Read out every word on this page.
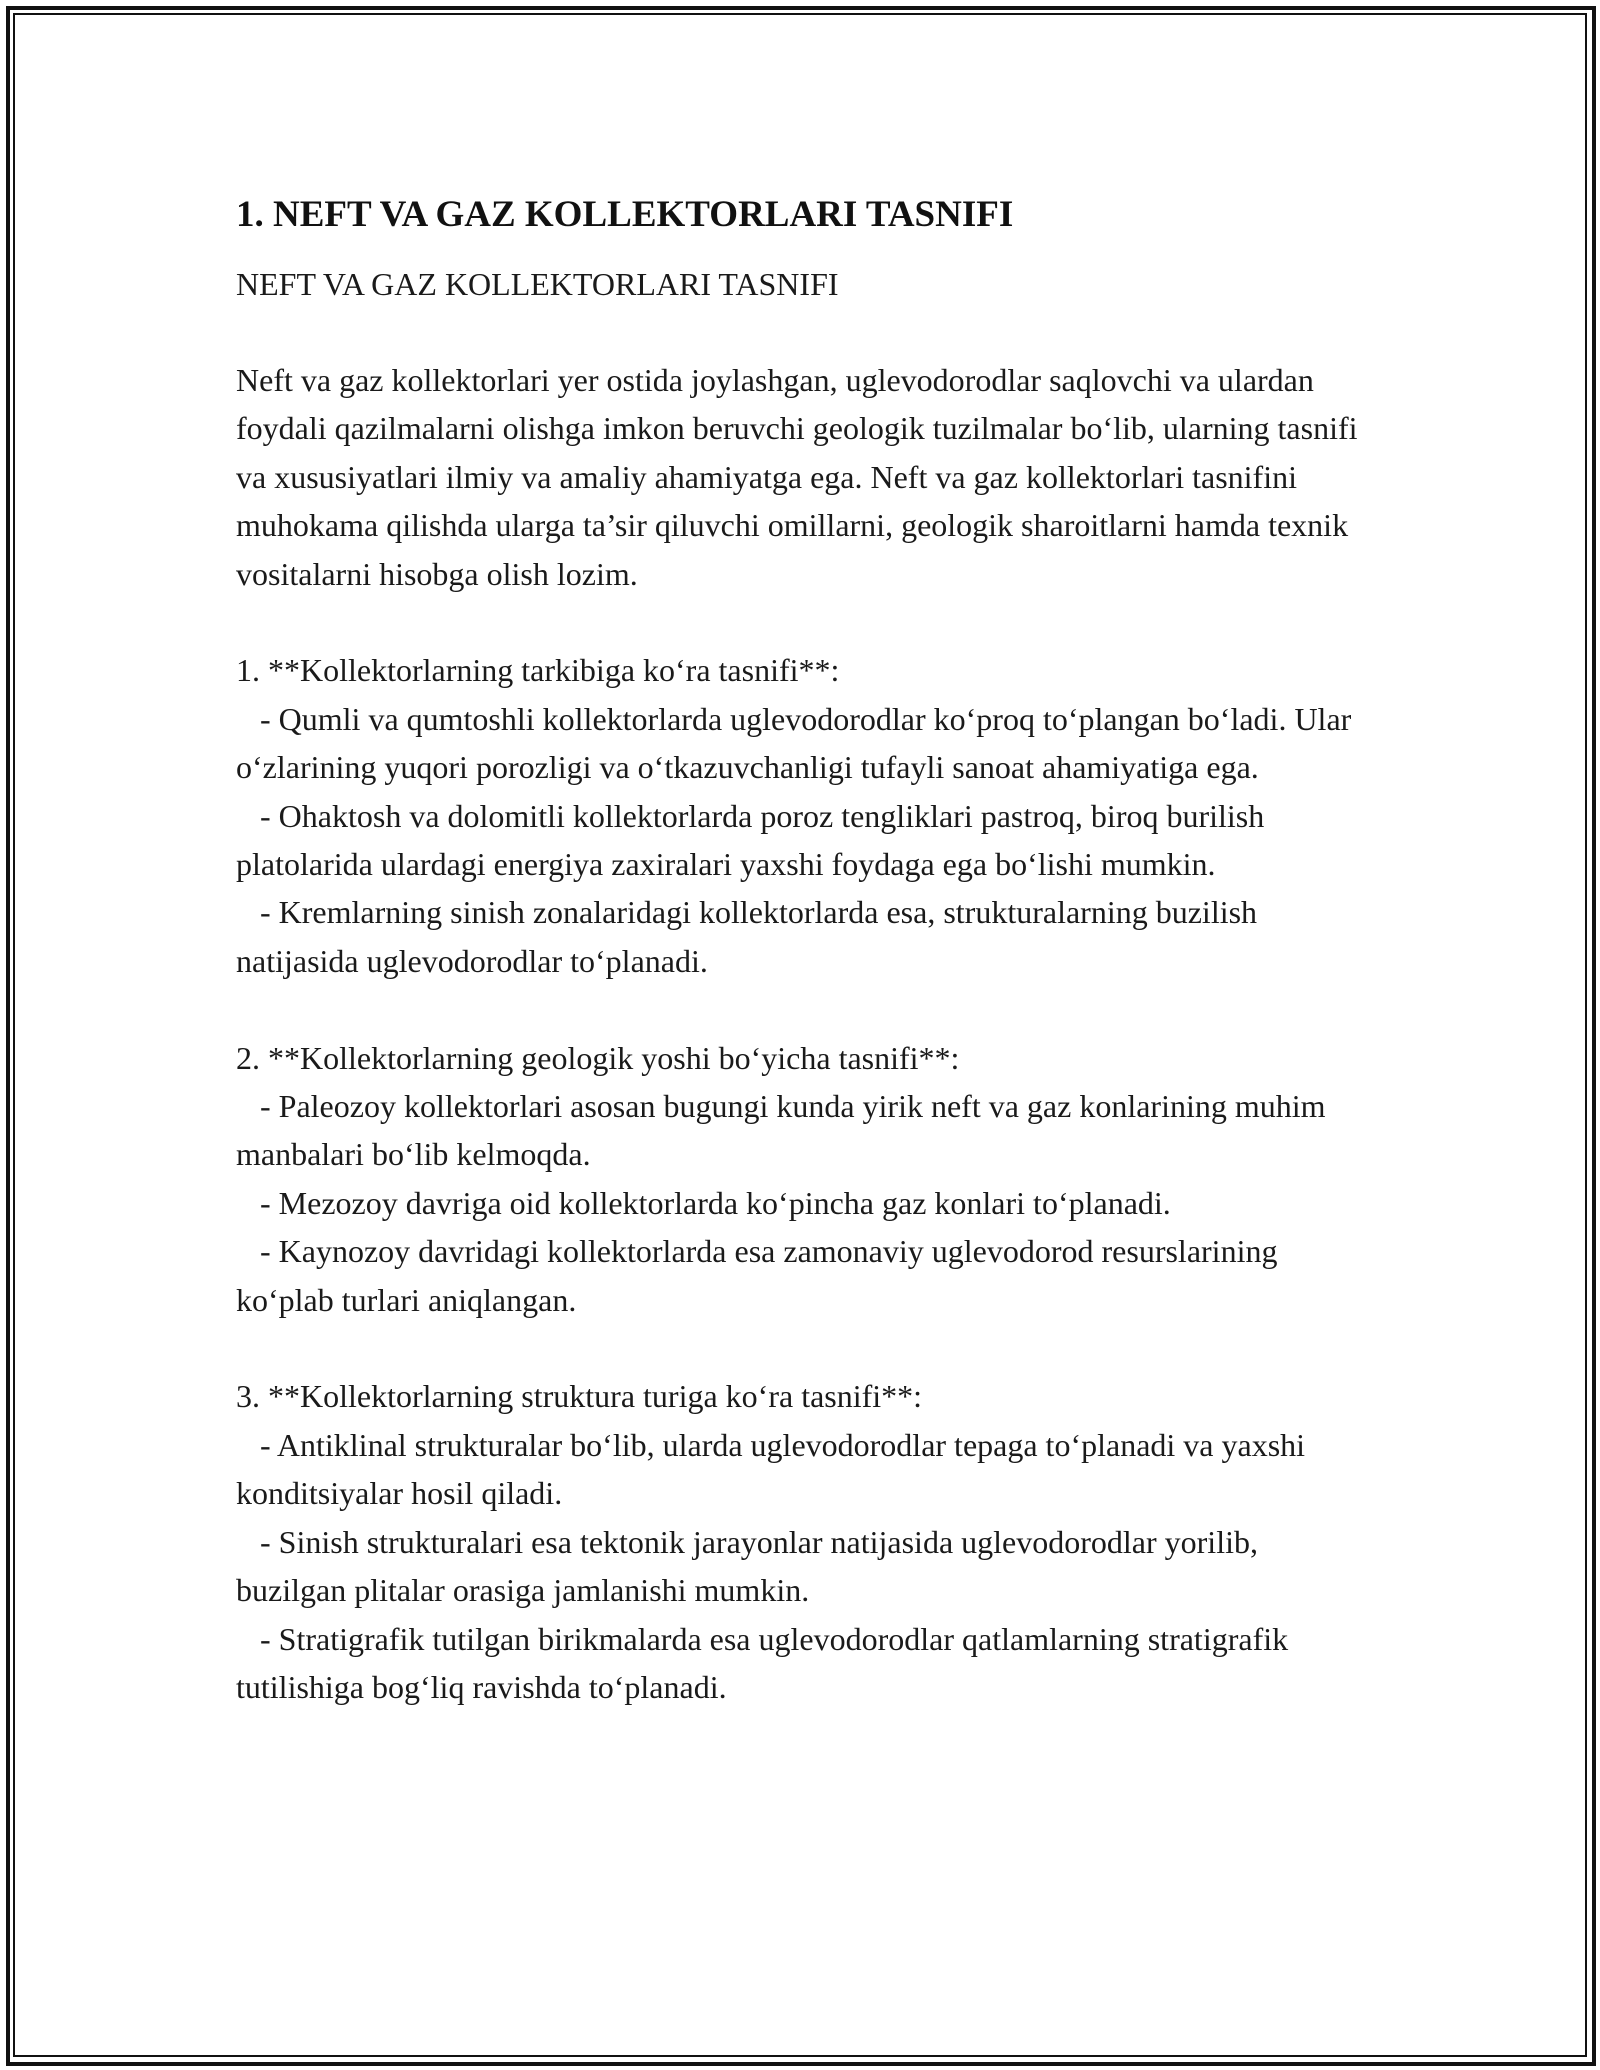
1. NEFT VA GAZ KOLLEKTORLARI TASNIFI

NEFT VA GAZ KOLLEKTORLARI TASNIFI

Neft va gaz kollektorlari yer ostida joylashgan, uglevodorodlar saqlovchi va ulardan foydali qazilmalarni olishga imkon beruvchi geologik tuzilmalar bo‘lib, ularning tasnifi va xususiyatlari ilmiy va amaliy ahamiyatga ega. Neft va gaz kollektorlari tasnifini muhokama qilishda ularga ta’sir qiluvchi omillarni, geologik sharoitlarni hamda texnik vositalarni hisobga olish lozim.

1. **Kollektorlarning tarkibiga ko‘ra tasnifi**:

- Qumli va qumtoshli kollektorlarda uglevodorodlar ko‘proq to‘plangan bo‘ladi. Ular o‘zlarining yuqori porozligi va o‘tkazuvchanligi tufayli sanoat ahamiyatiga ega.

- Ohaktosh va dolomitli kollektorlarda poroz tengliklari pastroq, biroq burilish platolarida ulardagi energiya zaxiralari yaxshi foydaga ega bo‘lishi mumkin.

- Kremlarning sinish zonalaridagi kollektorlarda esa, strukturalarning buzilish natijasida uglevodorodlar to‘planadi.

2. **Kollektorlarning geologik yoshi bo‘yicha tasnifi**:

- Paleozoy kollektorlari asosan bugungi kunda yirik neft va gaz konlarining muhim manbalari bo‘lib kelmoqda.

- Mezozoy davriga oid kollektorlarda ko‘pincha gaz konlari to‘planadi.

- Kaynozoy davridagi kollektorlarda esa zamonaviy uglevodorod resurslarining ko‘plab turlari aniqlangan.

3. **Kollektorlarning struktura turiga ko‘ra tasnifi**:

- Antiklinal strukturalar bo‘lib, ularda uglevodorodlar tepaga to‘planadi va yaxshi konditsiyalar hosil qiladi.

- Sinish strukturalari esa tektonik jarayonlar natijasida uglevodorodlar yorilib, buzilgan plitalar orasiga jamlanishi mumkin.

- Stratigrafik tutilgan birikmalarda esa uglevodorodlar qatlamlarning stratigrafik tutilishiga bog‘liq ravishda to‘planadi.
